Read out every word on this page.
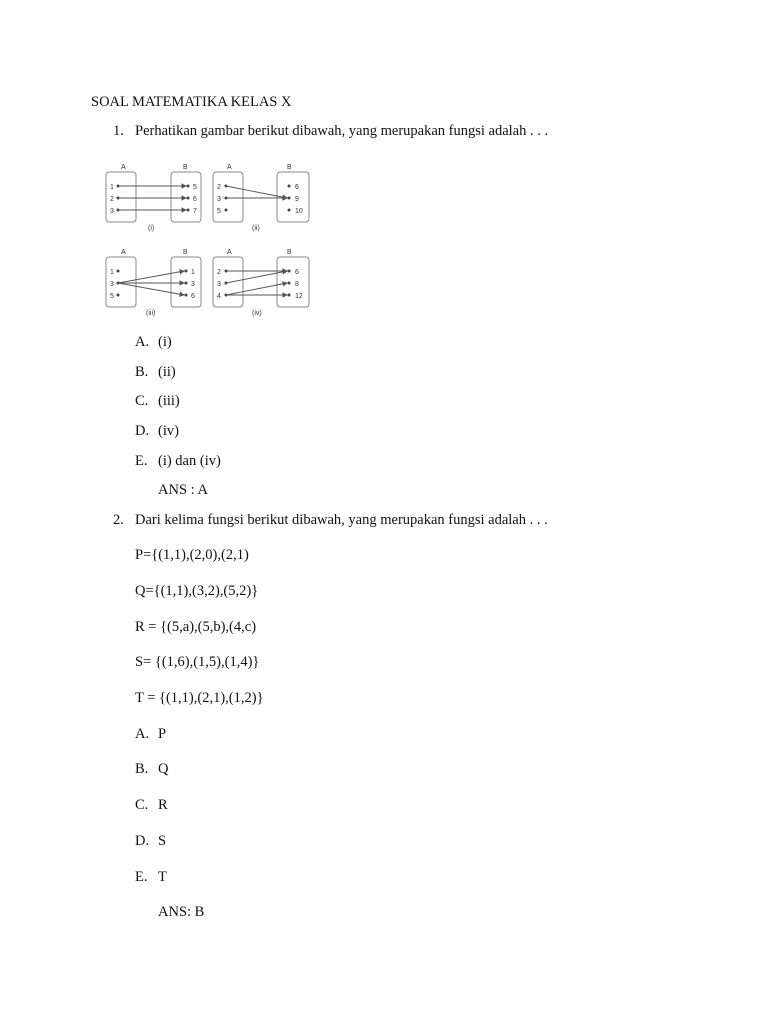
SOAL MATEMATIKA KELAS X
1. Perhatikan gambar berikut dibawah, yang merupakan fungsi adalah . . .
A	B
1
2
3
5
6
7
(i)
A	B
2
3
5
6
9
10
(ii)
A	B
1
3
5
1
3
6
(iii)
A	B
2
3
4
6
8
12
(iv)
A. (i)
B. (ii)
C. (iii)
D. (iv)
E. (i) dan (iv)
ANS : A
2. Dari kelima fungsi berikut dibawah, yang merupakan fungsi adalah . . .
P={(1,1),(2,0),(2,1)
Q={(1,1),(3,2),(5,2)}
R = {(5,a),(5,b),(4,c)
S= {(1,6),(1,5),(1,4)}
T = {(1,1),(2,1),(1,2)}
A. P
B. Q
C. R
D. S
E. T
ANS: B
